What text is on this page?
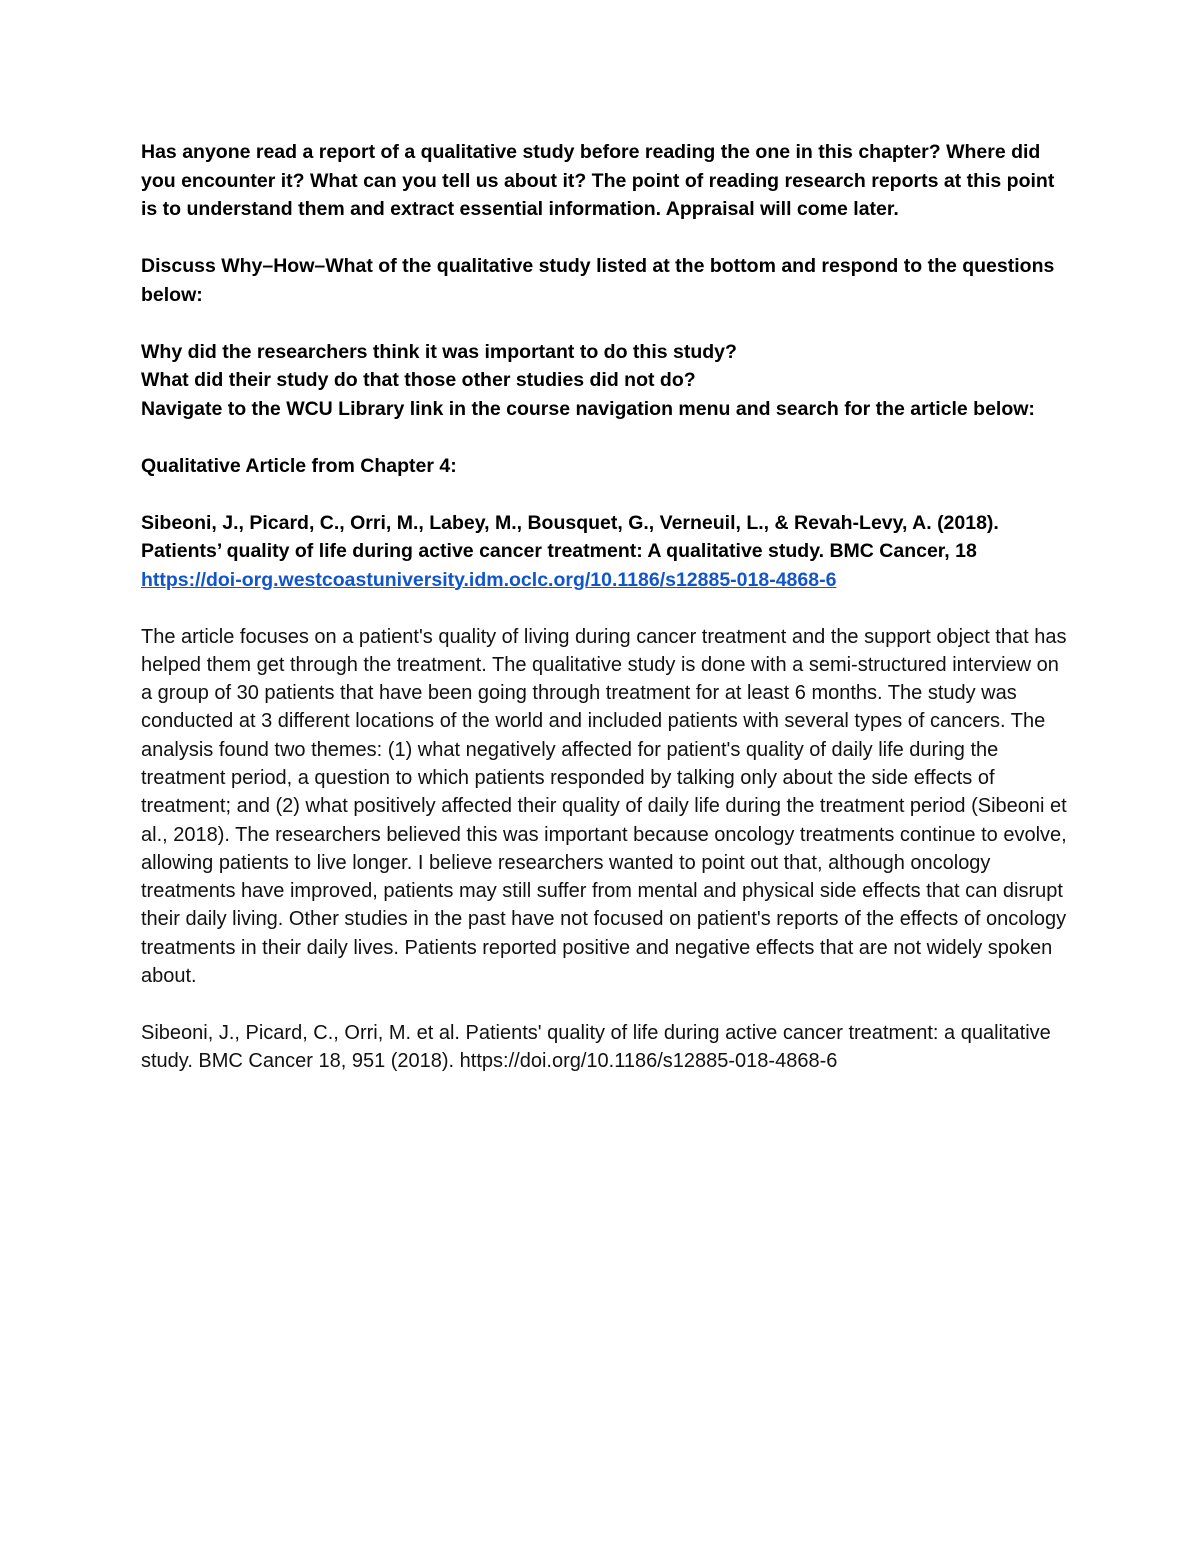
Has anyone read a report of a qualitative study before reading the one in this chapter? Where did you encounter it? What can you tell us about it? The point of reading research reports at this point is to understand them and extract essential information. Appraisal will come later.

Discuss Why–How–What of the qualitative study listed at the bottom and respond to the questions below:

Why did the researchers think it was important to do this study?

What did their study do that those other studies did not do?

Navigate to the WCU Library link in the course navigation menu and search for the article below:

Qualitative Article from Chapter 4:

Sibeoni, J., Picard, C., Orri, M., Labey, M., Bousquet, G., Verneuil, L., & Revah-Levy, A. (2018). Patients’ quality of life during active cancer treatment: A qualitative study. BMC Cancer, 18 https://doi-org.westcoastuniversity.idm.oclc.org/10.1186/s12885-018-4868-6

The article focuses on a patient's quality of living during cancer treatment and the support object that has helped them get through the treatment. The qualitative study is done with a semi-structured interview on a group of 30 patients that have been going through treatment for at least 6 months. The study was conducted at 3 different locations of the world and included patients with several types of cancers. The analysis found two themes: (1) what negatively affected for patient's quality of daily life during the treatment period, a question to which patients responded by talking only about the side effects of treatment; and (2) what positively affected their quality of daily life during the treatment period (Sibeoni et al., 2018). The researchers believed this was important because oncology treatments continue to evolve, allowing patients to live longer. I believe researchers wanted to point out that, although oncology treatments have improved, patients may still suffer from mental and physical side effects that can disrupt their daily living. Other studies in the past have not focused on patient's reports of the effects of oncology treatments in their daily lives. Patients reported positive and negative effects that are not widely spoken about.

Sibeoni, J., Picard, C., Orri, M. et al. Patients' quality of life during active cancer treatment: a qualitative study. BMC Cancer 18, 951 (2018). https://doi.org/10.1186/s12885-018-4868-6
